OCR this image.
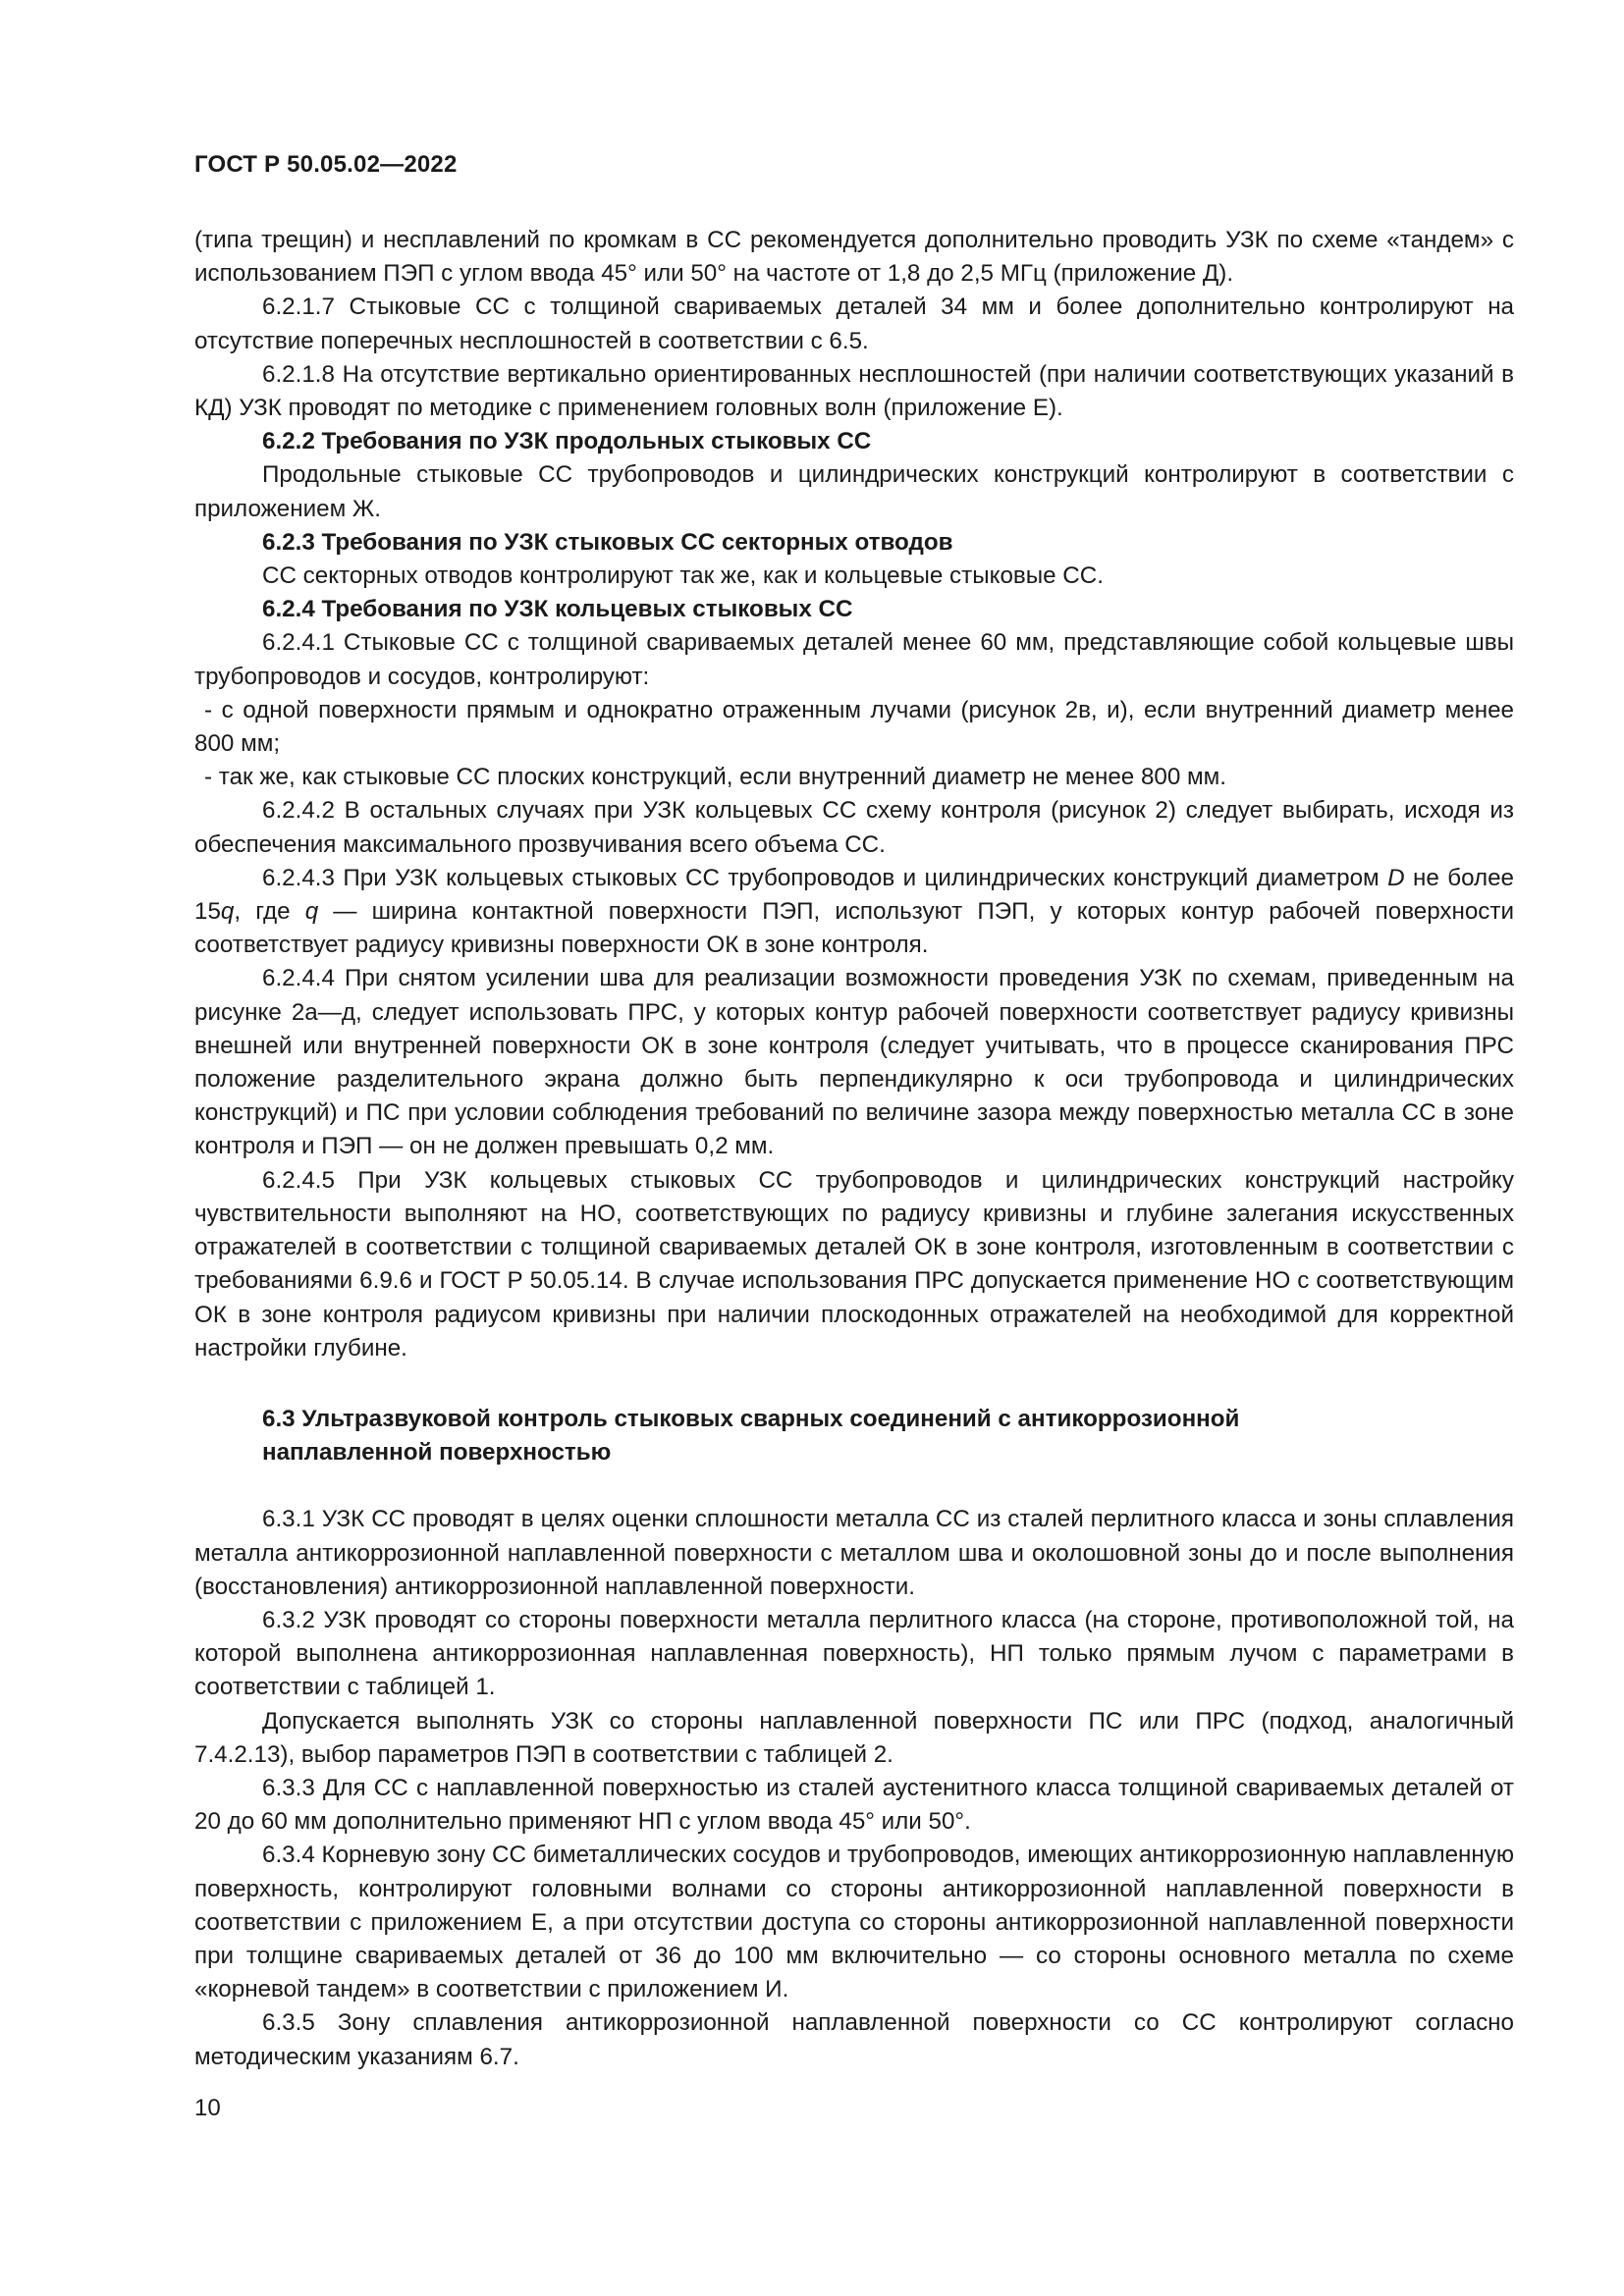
ГОСТ Р 50.05.02—2022

(типа трещин) и несплавлений по кромкам в СС рекомендуется дополнительно проводить УЗК по схеме «тандем» с использованием ПЭП с углом ввода 45° или 50° на частоте от 1,8 до 2,5 МГц (приложение Д).

6.2.1.7 Стыковые СС с толщиной свариваемых деталей 34 мм и более дополнительно контролируют на отсутствие поперечных несплошностей в соответствии с 6.5.

6.2.1.8 На отсутствие вертикально ориентированных несплошностей (при наличии соответствующих указаний в КД) УЗК проводят по методике с применением головных волн (приложение Е).

6.2.2 Требования по УЗК продольных стыковых СС

Продольные стыковые СС трубопроводов и цилиндрических конструкций контролируют в соответствии с приложением Ж.

6.2.3 Требования по УЗК стыковых СС секторных отводов

СС секторных отводов контролируют так же, как и кольцевые стыковые СС.

6.2.4 Требования по УЗК кольцевых стыковых СС

6.2.4.1 Стыковые СС с толщиной свариваемых деталей менее 60 мм, представляющие собой кольцевые швы трубопроводов и сосудов, контролируют:

- с одной поверхности прямым и однократно отраженным лучами (рисунок 2в, и), если внутренний диаметр менее 800 мм;

- так же, как стыковые СС плоских конструкций, если внутренний диаметр не менее 800 мм.

6.2.4.2 В остальных случаях при УЗК кольцевых СС схему контроля (рисунок 2) следует выбирать, исходя из обеспечения максимального прозвучивания всего объема СС.

6.2.4.3 При УЗК кольцевых стыковых СС трубопроводов и цилиндрических конструкций диаметром D не более 15q, где q — ширина контактной поверхности ПЭП, используют ПЭП, у которых контур рабочей поверхности соответствует радиусу кривизны поверхности ОК в зоне контроля.

6.2.4.4 При снятом усилении шва для реализации возможности проведения УЗК по схемам, приведенным на рисунке 2а—д, следует использовать ПРС, у которых контур рабочей поверхности соответствует радиусу кривизны внешней или внутренней поверхности ОК в зоне контроля (следует учитывать, что в процессе сканирования ПРС положение разделительного экрана должно быть перпендикулярно к оси трубопровода и цилиндрических конструкций) и ПС при условии соблюдения требований по величине зазора между поверхностью металла СС в зоне контроля и ПЭП — он не должен превышать 0,2 мм.

6.2.4.5 При УЗК кольцевых стыковых СС трубопроводов и цилиндрических конструкций настройку чувствительности выполняют на НО, соответствующих по радиусу кривизны и глубине залегания искусственных отражателей в соответствии с толщиной свариваемых деталей ОК в зоне контроля, изготовленным в соответствии с требованиями 6.9.6 и ГОСТ Р 50.05.14. В случае использования ПРС допускается применение НО с соответствующим ОК в зоне контроля радиусом кривизны при наличии плоскодонных отражателей на необходимой для корректной настройки глубине.

6.3 Ультразвуковой контроль стыковых сварных соединений с антикоррозионной
наплавленной поверхностью

6.3.1 УЗК СС проводят в целях оценки сплошности металла СС из сталей перлитного класса и зоны сплавления металла антикоррозионной наплавленной поверхности с металлом шва и околошовной зоны до и после выполнения (восстановления) антикоррозионной наплавленной поверхности.

6.3.2 УЗК проводят со стороны поверхности металла перлитного класса (на стороне, противоположной той, на которой выполнена антикоррозионная наплавленная поверхность), НП только прямым лучом с параметрами в соответствии с таблицей 1.

Допускается выполнять УЗК со стороны наплавленной поверхности ПС или ПРС (подход, аналогичный 7.4.2.13), выбор параметров ПЭП в соответствии с таблицей 2.

6.3.3 Для СС с наплавленной поверхностью из сталей аустенитного класса толщиной свариваемых деталей от 20 до 60 мм дополнительно применяют НП с углом ввода 45° или 50°.

6.3.4 Корневую зону СС биметаллических сосудов и трубопроводов, имеющих антикоррозионную наплавленную поверхность, контролируют головными волнами со стороны антикоррозионной наплавленной поверхности в соответствии с приложением Е, а при отсутствии доступа со стороны антикоррозионной наплавленной поверхности при толщине свариваемых деталей от 36 до 100 мм включительно — со стороны основного металла по схеме «корневой тандем» в соответствии с приложением И.

6.3.5 Зону сплавления антикоррозионной наплавленной поверхности со СС контролируют согласно методическим указаниям 6.7.

10
